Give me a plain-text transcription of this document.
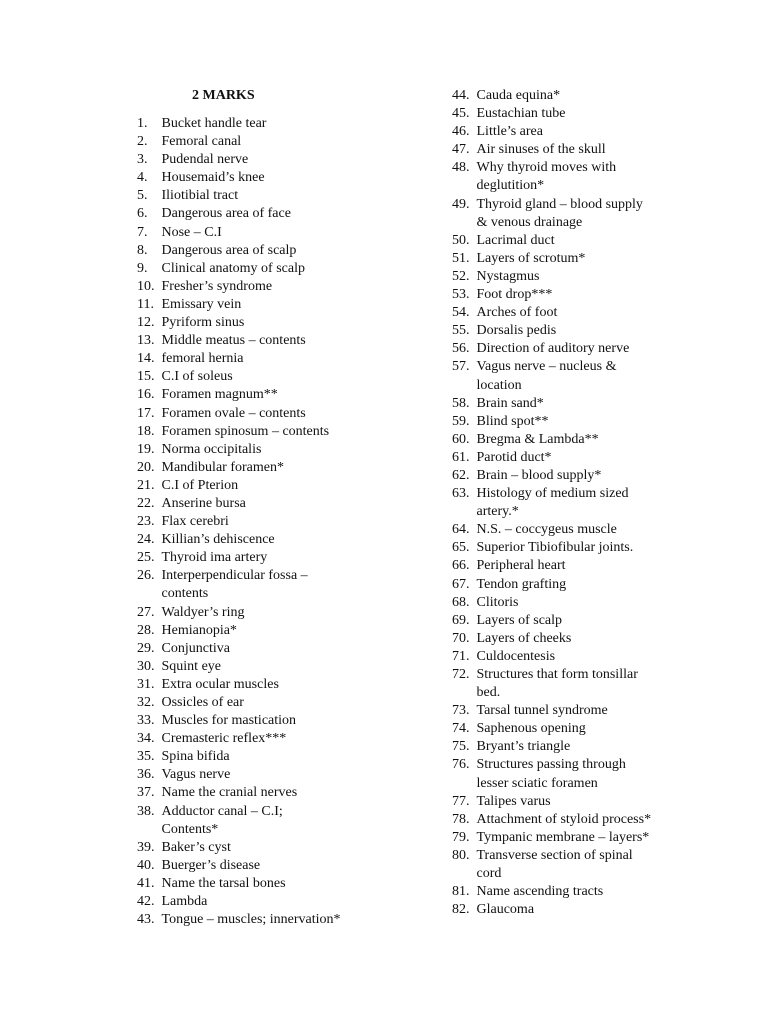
2 MARKS
1. Bucket handle tear
2. Femoral canal
3. Pudendal nerve
4. Housemaid’s knee
5. Iliotibial tract
6. Dangerous area of face
7. Nose – C.I
8. Dangerous area of scalp
9. Clinical anatomy of scalp
10. Fresher’s syndrome
11. Emissary vein
12. Pyriform sinus
13. Middle meatus – contents
14. femoral hernia
15. C.I of soleus
16. Foramen magnum**
17. Foramen ovale – contents
18. Foramen spinosum – contents
19. Norma occipitalis
20. Mandibular foramen*
21. C.I of Pterion
22. Anserine bursa
23. Flax cerebri
24. Killian’s dehiscence
25. Thyroid ima artery
26. Interperpendicular fossa –
contents
27. Waldyer’s ring
28. Hemianopia*
29. Conjunctiva
30. Squint eye
31. Extra ocular muscles
32. Ossicles of ear
33. Muscles for mastication
34. Cremasteric reflex***
35. Spina bifida
36. Vagus nerve
37. Name the cranial nerves
38. Adductor canal – C.I;
Contents*
39. Baker’s cyst
40. Buerger’s disease
41. Name the tarsal bones
42. Lambda
43. Tongue – muscles; innervation*
44. Cauda equina*
45. Eustachian tube
46. Little’s area
47. Air sinuses of the skull
48. Why thyroid moves with
deglutition*
49. Thyroid gland – blood supply
& venous drainage
50. Lacrimal duct
51. Layers of scrotum*
52. Nystagmus
53. Foot drop***
54. Arches of foot
55. Dorsalis pedis
56. Direction of auditory nerve
57. Vagus nerve – nucleus &
location
58. Brain sand*
59. Blind spot**
60. Bregma & Lambda**
61. Parotid duct*
62. Brain – blood supply*
63. Histology of medium sized
artery.*
64. N.S. – coccygeus muscle
65. Superior Tibiofibular joints.
66. Peripheral heart
67. Tendon grafting
68. Clitoris
69. Layers of scalp
70. Layers of cheeks
71. Culdocentesis
72. Structures that form tonsillar
bed.
73. Tarsal tunnel syndrome
74. Saphenous opening
75. Bryant’s triangle
76. Structures passing through
lesser sciatic foramen
77. Talipes varus
78. Attachment of styloid process*
79. Tympanic membrane – layers*
80. Transverse section of spinal
cord
81. Name ascending tracts
82. Glaucoma
